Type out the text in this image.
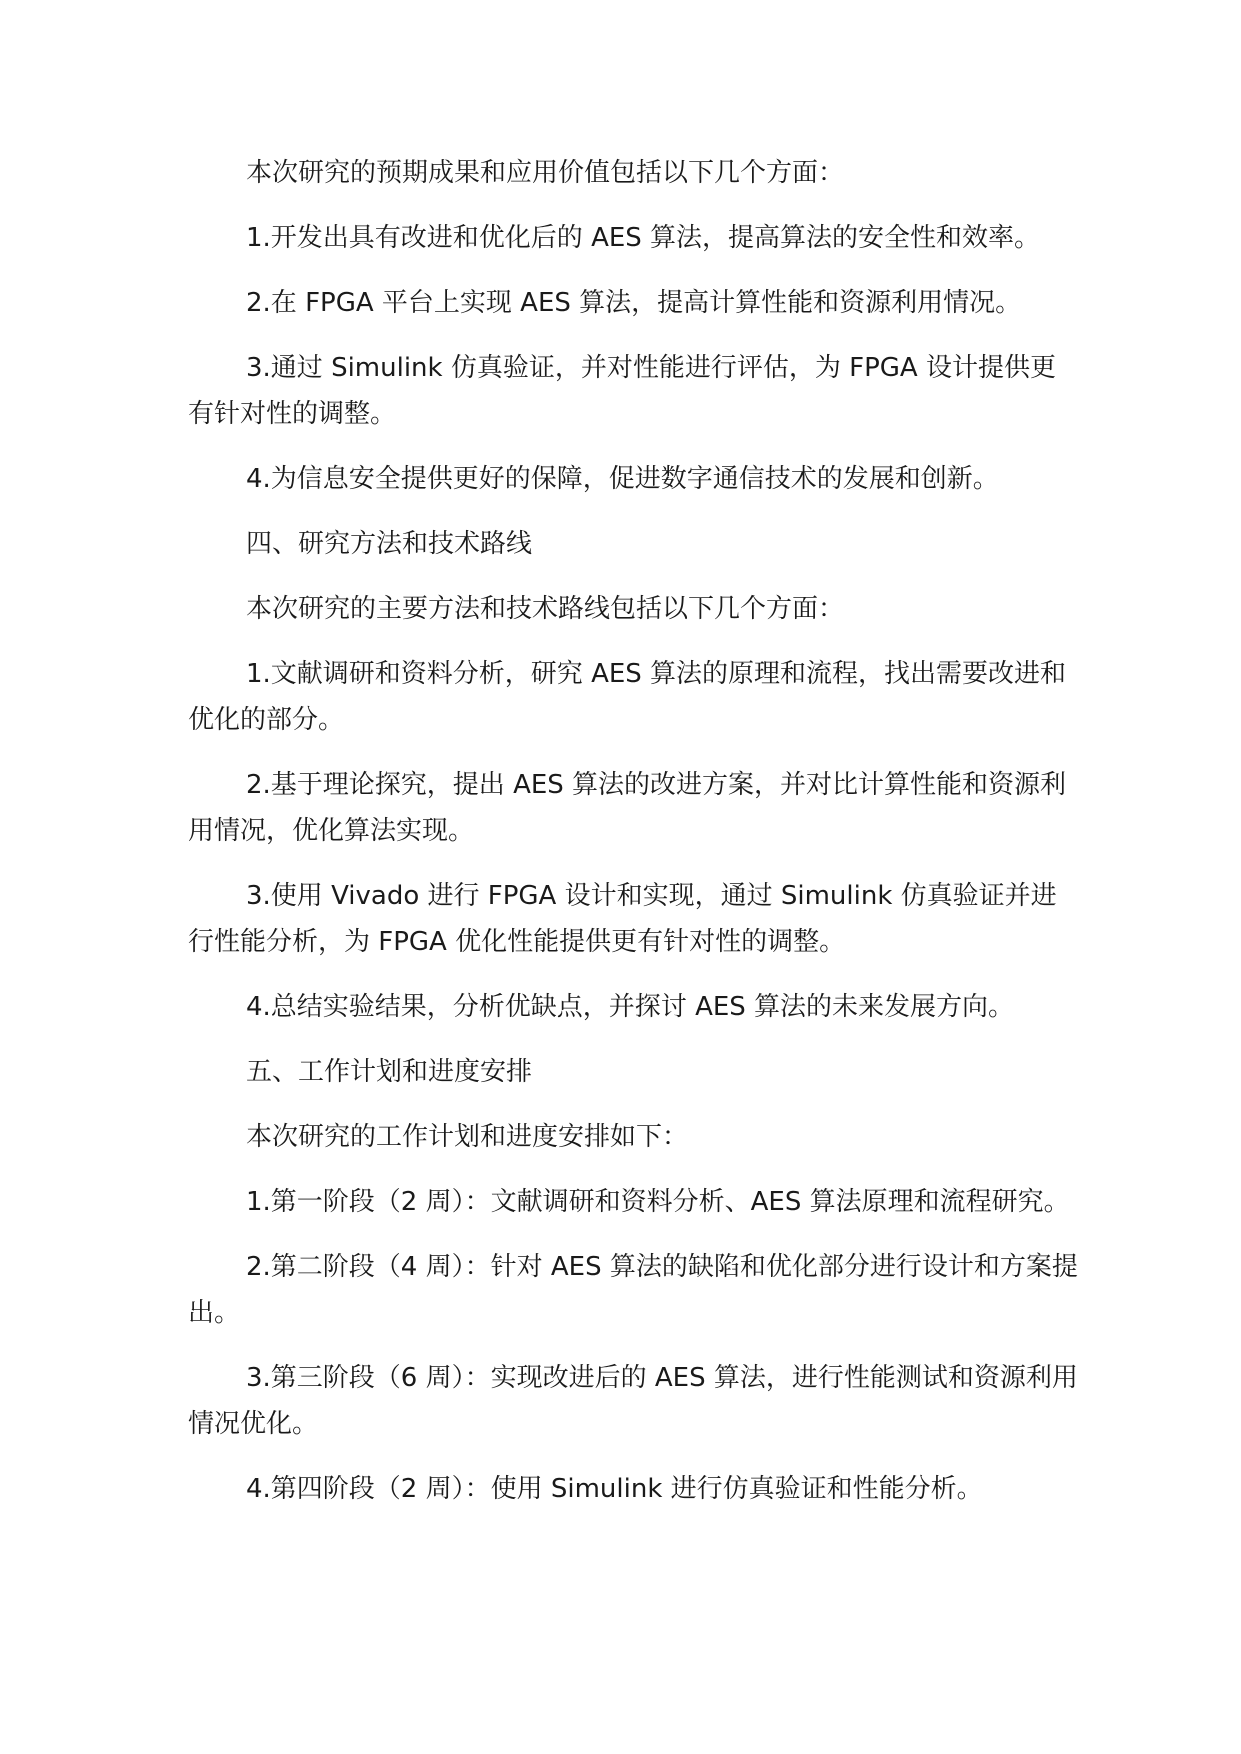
本次研究的预期成果和应用价值包括以下几个方面：

1.开发出具有改进和优化后的 AES 算法，提高算法的安全性和效率。

2.在 FPGA 平台上实现 AES 算法，提高计算性能和资源利用情况。

3.通过 Simulink 仿真验证，并对性能进行评估，为 FPGA 设计提供更有针对性的调整。

4.为信息安全提供更好的保障，促进数字通信技术的发展和创新。

四、研究方法和技术路线

本次研究的主要方法和技术路线包括以下几个方面：

1.文献调研和资料分析，研究 AES 算法的原理和流程，找出需要改进和优化的部分。

2.基于理论探究，提出 AES 算法的改进方案，并对比计算性能和资源利用情况，优化算法实现。

3.使用 Vivado 进行 FPGA 设计和实现，通过 Simulink 仿真验证并进行性能分析，为 FPGA 优化性能提供更有针对性的调整。

4.总结实验结果，分析优缺点，并探讨 AES 算法的未来发展方向。

五、工作计划和进度安排

本次研究的工作计划和进度安排如下：

1.第一阶段（2 周）：文献调研和资料分析、AES 算法原理和流程研究。

2.第二阶段（4 周）：针对 AES 算法的缺陷和优化部分进行设计和方案提出。

3.第三阶段（6 周）：实现改进后的 AES 算法，进行性能测试和资源利用情况优化。

4.第四阶段（2 周）：使用 Simulink 进行仿真验证和性能分析。
